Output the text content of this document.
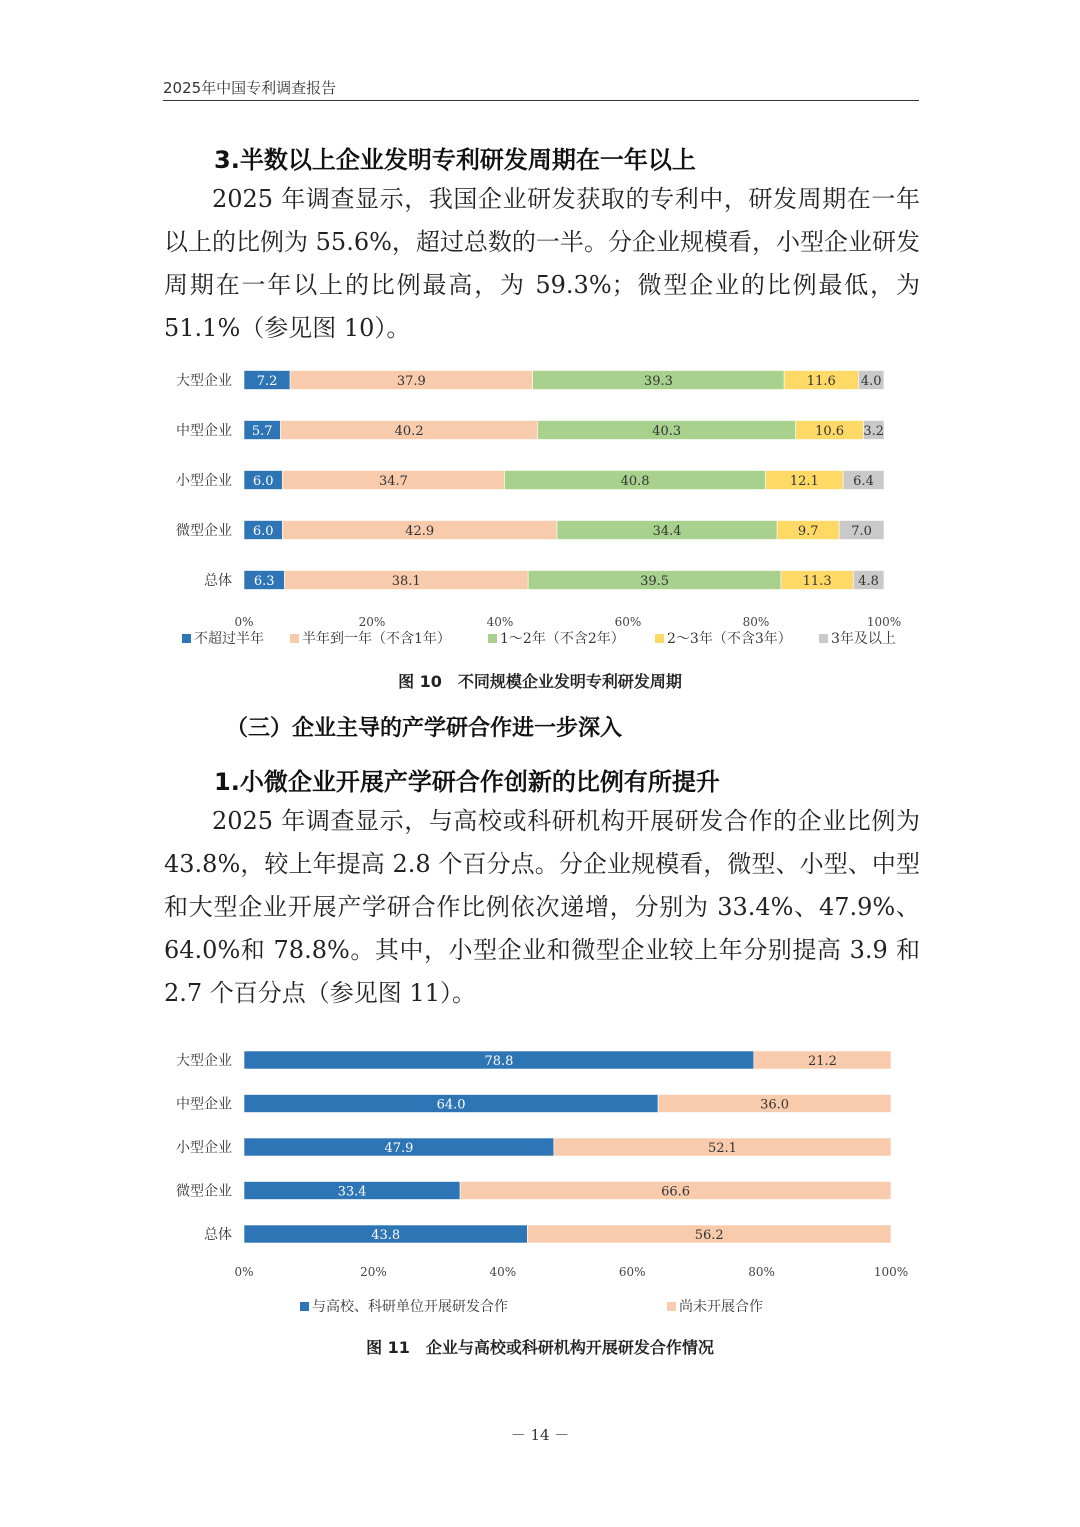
2025年中国专利调查报告
3.半数以上企业发明专利研发周期在一年以上
2025 年调查显示，我国企业研发获取的专利中，研发周期在一年以上的比例为 55.6%，超过总数的一半。分企业规模看，小型企业研发周期在一年以上的比例最高，为 59.3%；微型企业的比例最低，为 51.1%（参见图 10）。
大型企业 7.2	37.9	39.3	11.6 4.0
中型企业 5.7	40.2	40.3	10.6 3.2
小型企业 6.0	34.7	40.8	12.1	6.4
微型企业 6.0	42.9	34.4	9.7	7.0
总体 6.3	38.1	39.5	11.3 4.8
0%	20%	40%	60%	80%	100%
不超过半年	半年到一年（不含1年）	1～2年（不含2年）	2～3年（不含3年）	3年及以上
图 10　不同规模企业发明专利研发周期
（三）企业主导的产学研合作进一步深入
1.小微企业开展产学研合作创新的比例有所提升
2025 年调查显示，与高校或科研机构开展研发合作的企业比例为 43.8%，较上年提高 2.8 个百分点。分企业规模看，微型、小型、中型和大型企业开展产学研合作比例依次递增，分别为 33.4%、47.9%、64.0%和 78.8%。其中，小型企业和微型企业较上年分别提高 3.9 和 2.7 个百分点（参见图 11）。
大型企业	78.8	21.2
中型企业	64.0	36.0
小型企业	47.9	52.1
微型企业	33.4	66.6
总体	43.8	56.2
0%	20%	40%	60%	80%	100%
与高校、科研单位开展研发合作	尚未开展合作
图 11　企业与高校或科研机构开展研发合作情况
－ 14 －
